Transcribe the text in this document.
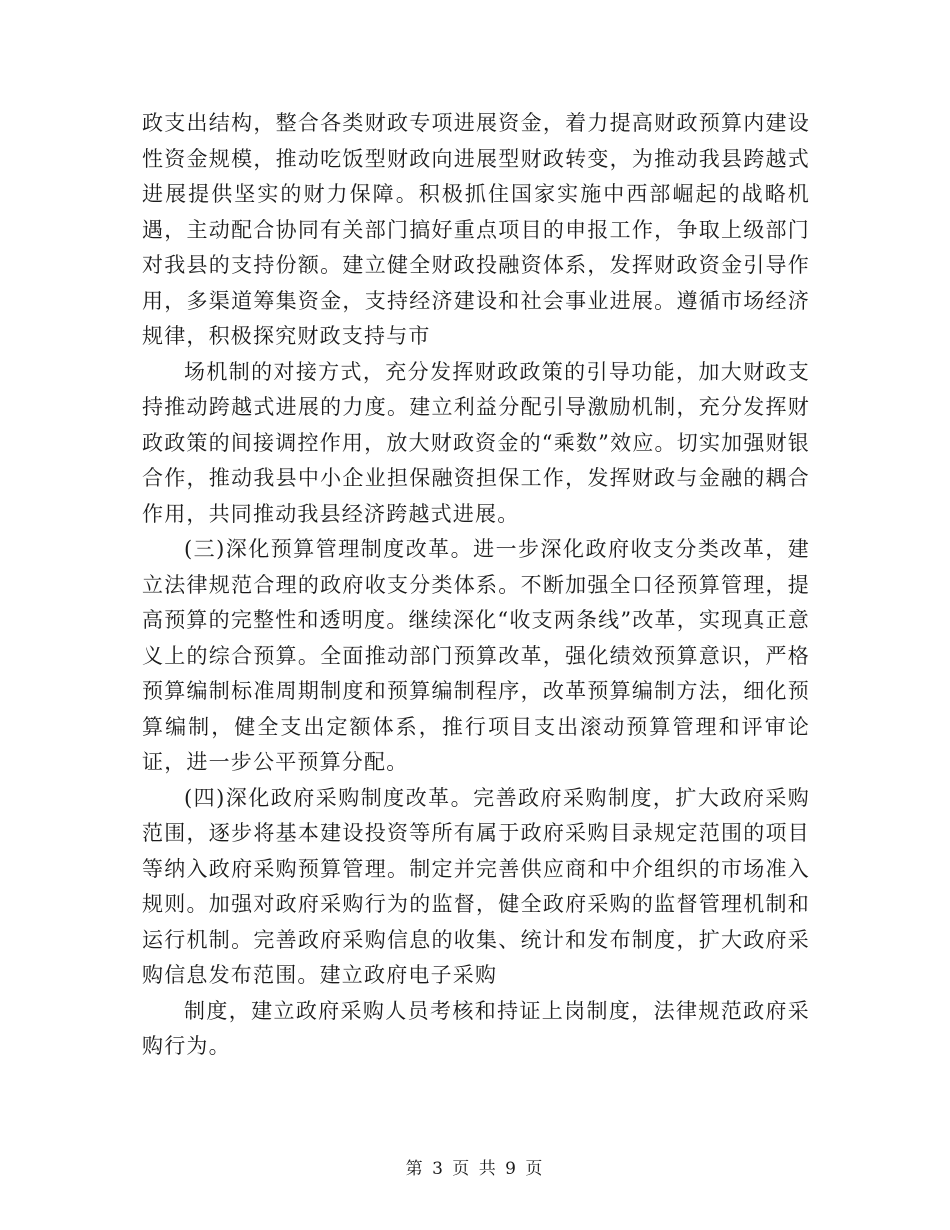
政支出结构，整合各类财政专项进展资金，着力提高财政预算内建设性资金规模，推动吃饭型财政向进展型财政转变，为推动我县跨越式进展提供坚实的财力保障。积极抓住国家实施中西部崛起的战略机遇，主动配合协同有关部门搞好重点项目的申报工作，争取上级部门对我县的支持份额。建立健全财政投融资体系，发挥财政资金引导作用，多渠道筹集资金，支持经济建设和社会事业进展。遵循市场经济规律，积极探究财政支持与市

场机制的对接方式，充分发挥财政政策的引导功能，加大财政支持推动跨越式进展的力度。建立利益分配引导激励机制，充分发挥财政政策的间接调控作用，放大财政资金的“乘数”效应。切实加强财银合作，推动我县中小企业担保融资担保工作，发挥财政与金融的耦合作用，共同推动我县经济跨越式进展。

(三)深化预算管理制度改革。进一步深化政府收支分类改革，建立法律规范合理的政府收支分类体系。不断加强全口径预算管理，提高预算的完整性和透明度。继续深化“收支两条线”改革，实现真正意义上的综合预算。全面推动部门预算改革，强化绩效预算意识，严格预算编制标准周期制度和预算编制程序，改革预算编制方法，细化预算编制，健全支出定额体系，推行项目支出滚动预算管理和评审论证，进一步公平预算分配。

(四)深化政府采购制度改革。完善政府采购制度，扩大政府采购范围，逐步将基本建设投资等所有属于政府采购目录规定范围的项目等纳入政府采购预算管理。制定并完善供应商和中介组织的市场准入规则。加强对政府采购行为的监督，健全政府采购的监督管理机制和运行机制。完善政府采购信息的收集、统计和发布制度，扩大政府采购信息发布范围。建立政府电子采购

制度，建立政府采购人员考核和持证上岗制度，法律规范政府采购行为。

第 3 页 共 9 页
